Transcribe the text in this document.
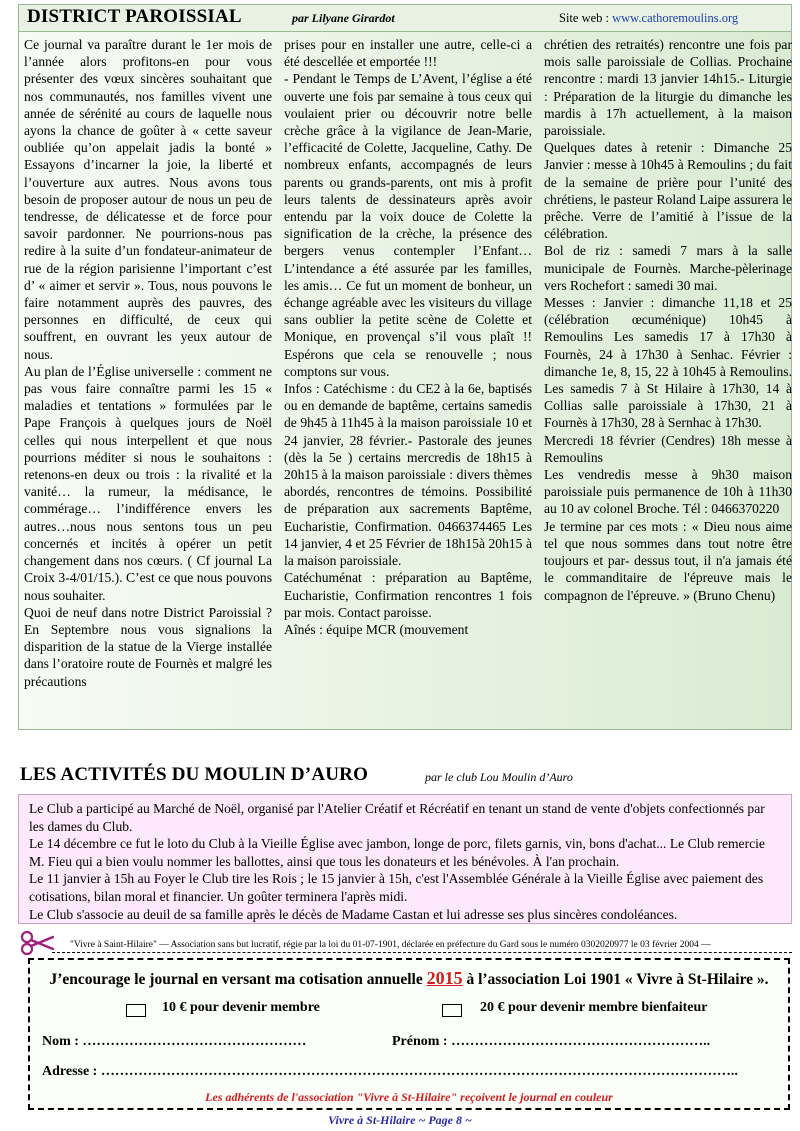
DISTRICT PAROISSIAL	par Lilyane Girardot	Site web : www.cathoremoulins.org

Ce journal va paraître durant le 1er mois de l’année alors profitons-en pour vous présenter des vœux sincères souhaitant que nos communautés, nos familles vivent une année de sérénité au cours de laquelle nous ayons la chance de goûter à « cette saveur oubliée qu’on appelait jadis la bonté » Essayons d’incarner la joie, la liberté et l’ouverture aux autres. Nous avons tous besoin de proposer autour de nous un peu de tendresse, de délicatesse et de force pour savoir pardonner. Ne pourrions-nous pas redire à la suite d’un fondateur-animateur de rue de la région parisienne l’important c’est d’ « aimer et servir ». Tous, nous pouvons le faire notamment auprès des pauvres, des personnes en difficulté, de ceux qui souffrent, en ouvrant les yeux autour de nous.

Au plan de l’Église universelle : comment ne pas vous faire connaître parmi les 15 « maladies et tentations » formulées par le Pape François à quelques jours de Noël celles qui nous interpellent et que nous pourrions méditer si nous le souhaitons : retenons-en deux ou trois : la rivalité et la vanité… la rumeur, la médisance, le commérage… l’indifférence envers les autres…nous nous sentons tous un peu concernés et incités à opérer un petit changement dans nos cœurs. ( Cf journal La Croix 3-4/01/15.). C’est ce que nous pouvons nous souhaiter.

Quoi de neuf dans notre District Paroissial ? En Septembre nous vous signalions la disparition de la statue de la Vierge installée dans l’oratoire route de Fournès et malgré les précautions

prises pour en installer une autre, celle-ci a été descellée et emportée !!!

- Pendant le Temps de L’Avent, l’église a été ouverte une fois par semaine à tous ceux qui voulaient prier ou découvrir notre belle crèche grâce à la vigilance de Jean-Marie, l’efficacité de Colette, Jacqueline, Cathy. De nombreux enfants, accompagnés de leurs parents ou grands-parents, ont mis à profit leurs talents de dessinateurs après avoir entendu par la voix douce de Colette la signification de la crèche, la présence des bergers venus contempler l’Enfant… L’intendance a été assurée par les familles, les amis… Ce fut un moment de bonheur, un échange agréable avec les visiteurs du village sans oublier la petite scène de Colette et Monique, en provençal s’il vous plaît !! Espérons que cela se renouvelle ; nous comptons sur vous.

Infos : Catéchisme : du CE2 à la 6e, baptisés ou en demande de baptême, certains samedis de 9h45 à 11h45 à la maison paroissiale 10 et 24 janvier, 28 février.- Pastorale des jeunes (dès la 5e ) certains mercredis de 18h15 à 20h15 à la maison paroissiale : divers thèmes abordés, rencontres de témoins. Possibilité de préparation aux sacrements Baptême, Eucharistie, Confirmation. 0466374465 Les 14 janvier, 4 et 25 Février de 18h15à 20h15 à la maison paroissiale.

Catéchuménat : préparation au Baptême, Eucharistie, Confirmation rencontres 1 fois par mois. Contact paroisse.

Aînés : équipe MCR (mouvement

chrétien des retraités) rencontre une fois par mois salle paroissiale de Collias. Prochaine rencontre : mardi 13 janvier 14h15.- Liturgie : Préparation de la liturgie du dimanche les mardis à 17h actuellement, à la maison paroissiale.

Quelques dates à retenir : Dimanche 25 Janvier : messe à 10h45 à Remoulins ; du fait de la semaine de prière pour l’unité des chrétiens, le pasteur Roland Laipe assurera le prêche. Verre de l’amitié à l’issue de la célébration.

Bol de riz : samedi 7 mars à la salle municipale de Fournès. Marche-pèlerinage vers Rochefort : samedi 30 mai.

Messes : Janvier : dimanche 11,18 et 25 (célébration œcuménique) 10h45 à Remoulins Les samedis 17 à 17h30 à Fournès, 24 à 17h30 à Senhac. Février : dimanche 1e, 8, 15, 22 à 10h45 à Remoulins. Les samedis 7 à St Hilaire à 17h30, 14 à Collias salle paroissiale à 17h30, 21 à Fournès à 17h30, 28 à Sernhac à 17h30.

Mercredi 18 février (Cendres) 18h messe à Remoulins

Les vendredis messe à 9h30 maison paroissiale puis permanence de 10h à 11h30 au 10 av colonel Broche. Tél : 0466370220

Je termine par ces mots : « Dieu nous aime tel que nous sommes dans tout notre être toujours et par- dessus tout, il n'a jamais été le commanditaire de l'épreuve mais le compagnon de l'épreuve. » (Bruno Chenu)

LES ACTIVITÉS DU MOULIN D’AURO	par le club Lou Moulin d’Auro

Le Club a participé au Marché de Noël, organisé par l'Atelier Créatif et Récréatif en tenant un stand de vente d'objets confectionnés par les dames du Club.

Le 14 décembre ce fut le loto du Club à la Vieille Église avec jambon, longe de porc, filets garnis, vin, bons d'achat... Le Club remercie M. Fieu qui a bien voulu nommer les ballottes, ainsi que tous les donateurs et les bénévoles. À l'an prochain.

Le 11 janvier à 15h au Foyer le Club tire les Rois ; le 15 janvier à 15h, c'est l'Assemblée Générale à la Vieille Église avec paiement des cotisations, bilan moral et financier. Un goûter terminera l'après midi.

Le Club s'associe au deuil de sa famille après le décès de Madame Castan et lui adresse ses plus sincères condoléances.

"Vivre à Saint-Hilaire" — Association sans but lucratif, régie par la loi du 01-07-1901, déclarée en préfecture du Gard sous le numéro 0302020977 le 03 février 2004 —
J’encourage le journal en versant ma cotisation annuelle 2015 à l’association Loi 1901 « Vivre à St-Hilaire ».
10 € pour devenir membre	20 € pour devenir membre bienfaiteur
Nom : …………………………………………	Prénom : ………………………………………………..
Adresse : ………………………………………………………………………………………………………………………..
Les adhérents de l'association "Vivre à St-Hilaire" reçoivent le journal en couleur
Vivre à St-Hilaire ~ Page 8 ~
